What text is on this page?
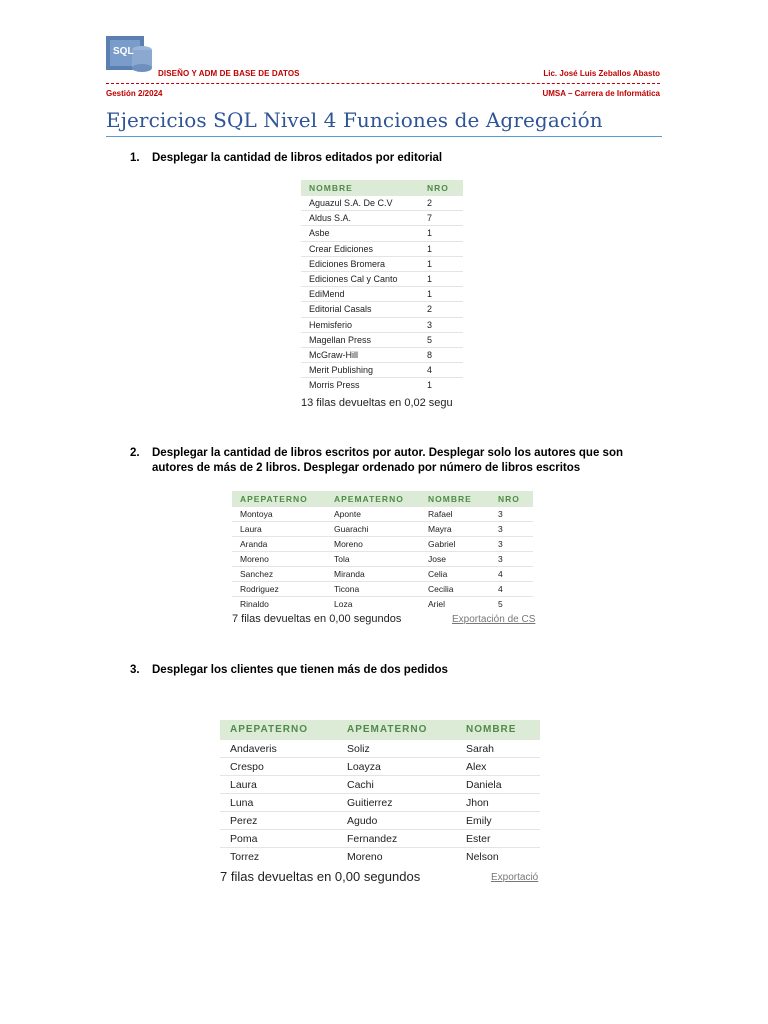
SQL
DISEÑO Y ADM DE BASE DE DATOS	Lic. José Luis Zeballos Abasto
Gestión 2/2024	UMSA – Carrera de Informática
Ejercicios SQL Nivel 4 Funciones de Agregación
1. Desplegar la cantidad de libros editados por editorial
NOMBRE	NRO
Aguazul S.A. De C.V	2
Aldus S.A.	7
Asbe	1
Crear Ediciones	1
Ediciones Bromera	1
Ediciones Cal y Canto	1
EdiMend	1
Editorial Casals	2
Hemisferio	3
Magellan Press	5
McGraw-Hill	8
Merit Publishing	4
Morris Press	1
13 filas devueltas en 0,02 segu
2. Desplegar la cantidad de libros escritos por autor. Desplegar solo los autores que son
autores de más de 2 libros. Desplegar ordenado por número de libros escritos
APEPATERNO	APEMATERNO	NOMBRE	NRO
Montoya	Aponte	Rafael	3
Laura	Guarachi	Mayra	3
Aranda	Moreno	Gabriel	3
Moreno	Tola	Jose	3
Sanchez	Miranda	Celia	4
Rodriguez	Ticona	Cecilia	4
Rinaldo	Loza	Ariel	5
7 filas devueltas en 0,00 segundos	Exportación de CS
3. Desplegar los clientes que tienen más de dos pedidos
APEPATERNO	APEMATERNO	NOMBRE
Andaveris	Soliz	Sarah
Crespo	Loayza	Alex
Laura	Cachi	Daniela
Luna	Guitierrez	Jhon
Perez	Agudo	Emily
Poma	Fernandez	Ester
Torrez	Moreno	Nelson
7 filas devueltas en 0,00 segundos	Exportació
